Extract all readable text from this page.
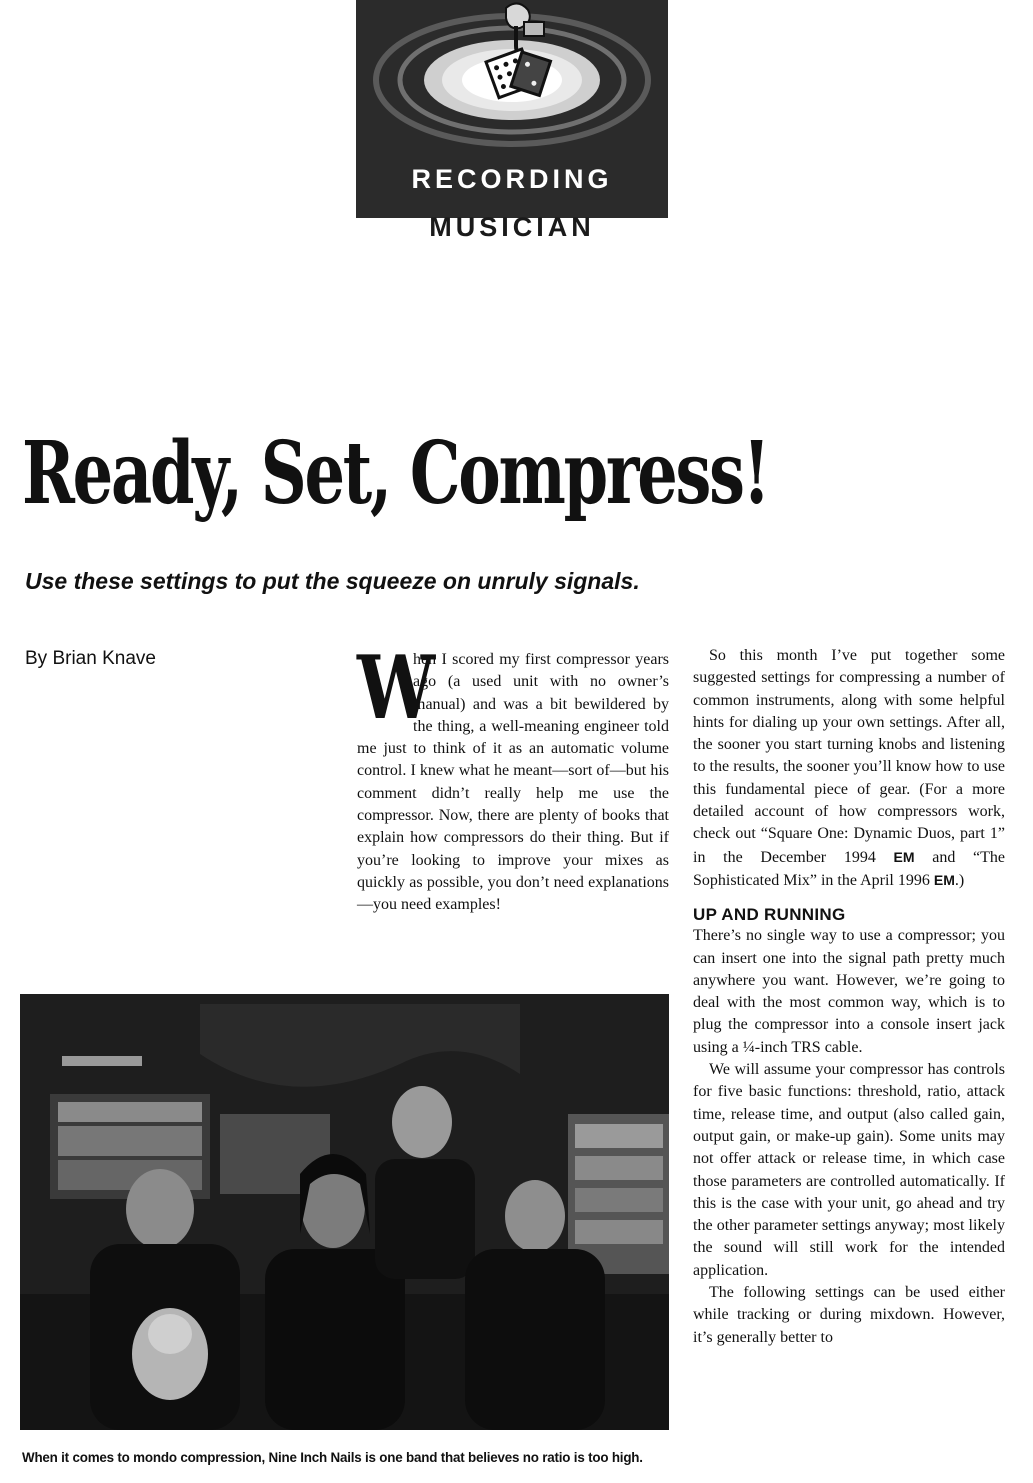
RECORDING
MUSICIAN
Ready, Set, Compress!
Use these settings to put the squeeze on unruly signals.
By Brian Knave W
hen I scored my first compressor years ago (a used unit with no owner’s manual) and was a bit bewildered by the thing, a well-meaning engineer told me just to think of it as an automatic volume control. I knew what he meant—sort of—but his comment didn’t really help me use the compressor. Now, there are plenty of books that explain how compressors do their thing. But if you’re looking to improve your mixes as quickly as possible, you don’t need explanations—you need examples!

So this month I’ve put together some suggested settings for compressing a number of common instruments, along with some helpful hints for dialing up your own settings. After all, the sooner you start turning knobs and listening to the results, the sooner you’ll know how to use this fundamental piece of gear. (For a more detailed account of how compressors work, check out “Square One: Dynamic Duos, part 1” in the December 1994 EM and “The Sophisticated Mix” in the April 1996 EM.)

UP AND RUNNING

There’s no single way to use a compressor; you can insert one into the signal path pretty much anywhere you want. However, we’re going to deal with the most common way, which is to plug the compressor into a console insert jack using a ¼-inch TRS cable.

We will assume your compressor has controls for five basic functions: threshold, ratio, attack time, release time, and output (also called gain, output gain, or make-up gain). Some units may not offer attack or release time, in which case those parameters are controlled automatically. If this is the case with your unit, go ahead and try the other parameter settings anyway; most likely the sound will still work for the intended application.

The following settings can be used either while tracking or during mixdown. However, it’s generally better to

When it comes to mondo compression, Nine Inch Nails is one band that believes no ratio is too high.
